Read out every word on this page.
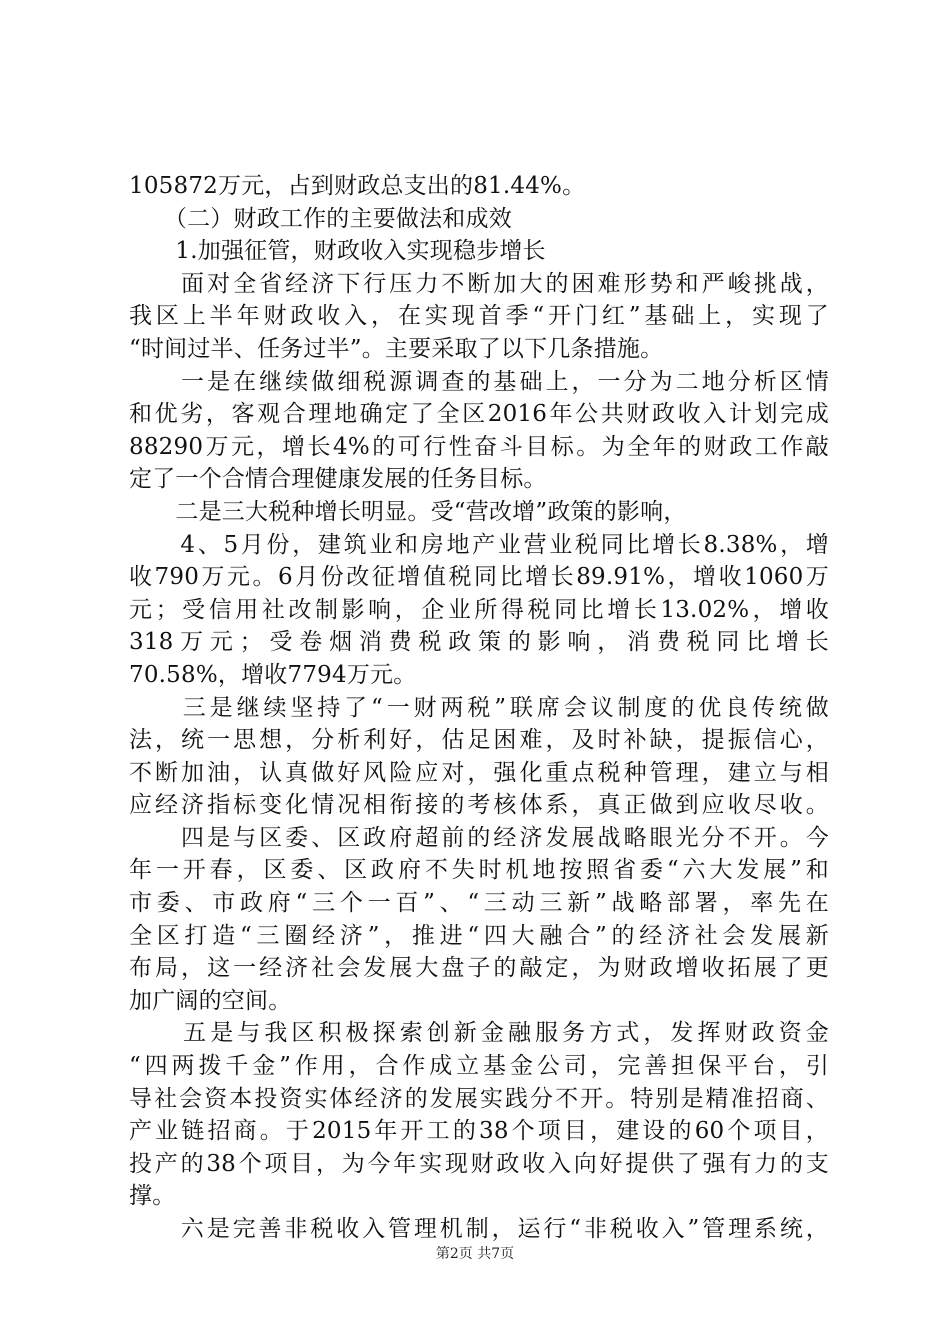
105872万元，占到财政总支出的81.44%。
　　（二）财政工作的主要做法和成效
　　1.加强征管，财政收入实现稳步增长
　　面对全省经济下行压力不断加大的困难形势和严峻挑战，
我区上半年财政收入，在实现首季“开门红”基础上，实现了
“时间过半、任务过半”。主要采取了以下几条措施。
　　一是在继续做细税源调查的基础上，一分为二地分析区情
和优劣，客观合理地确定了全区2016年公共财政收入计划完成
88290万元，增长4%的可行性奋斗目标。为全年的财政工作敲
定了一个合情合理健康发展的任务目标。
　　二是三大税种增长明显。受“营改增”政策的影响，
　　4、5月份，建筑业和房地产业营业税同比增长8.38%，增
收790万元。6月份改征增值税同比增长89.91%，增收1060万
元；受信用社改制影响，企业所得税同比增长13.02%，增收
318万元；受卷烟消费税政策的影响，消费税同比增长
70.58%，增收7794万元。
　　三是继续坚持了“一财两税”联席会议制度的优良传统做
法，统一思想，分析利好，估足困难，及时补缺，提振信心，
不断加油，认真做好风险应对，强化重点税种管理，建立与相
应经济指标变化情况相衔接的考核体系，真正做到应收尽收。
　　四是与区委、区政府超前的经济发展战略眼光分不开。今
年一开春，区委、区政府不失时机地按照省委“六大发展”和
市委、市政府“三个一百”、“三动三新”战略部署，率先在
全区打造“三圈经济”，推进“四大融合”的经济社会发展新
布局，这一经济社会发展大盘子的敲定，为财政增收拓展了更
加广阔的空间。
　　五是与我区积极探索创新金融服务方式，发挥财政资金
“四两拨千金”作用，合作成立基金公司，完善担保平台，引
导社会资本投资实体经济的发展实践分不开。特别是精准招商、
产业链招商。于2015年开工的38个项目，建设的60个项目，
投产的38个项目，为今年实现财政收入向好提供了强有力的支
撑。
　　六是完善非税收入管理机制，运行“非税收入”管理系统，
第2页 共7页
